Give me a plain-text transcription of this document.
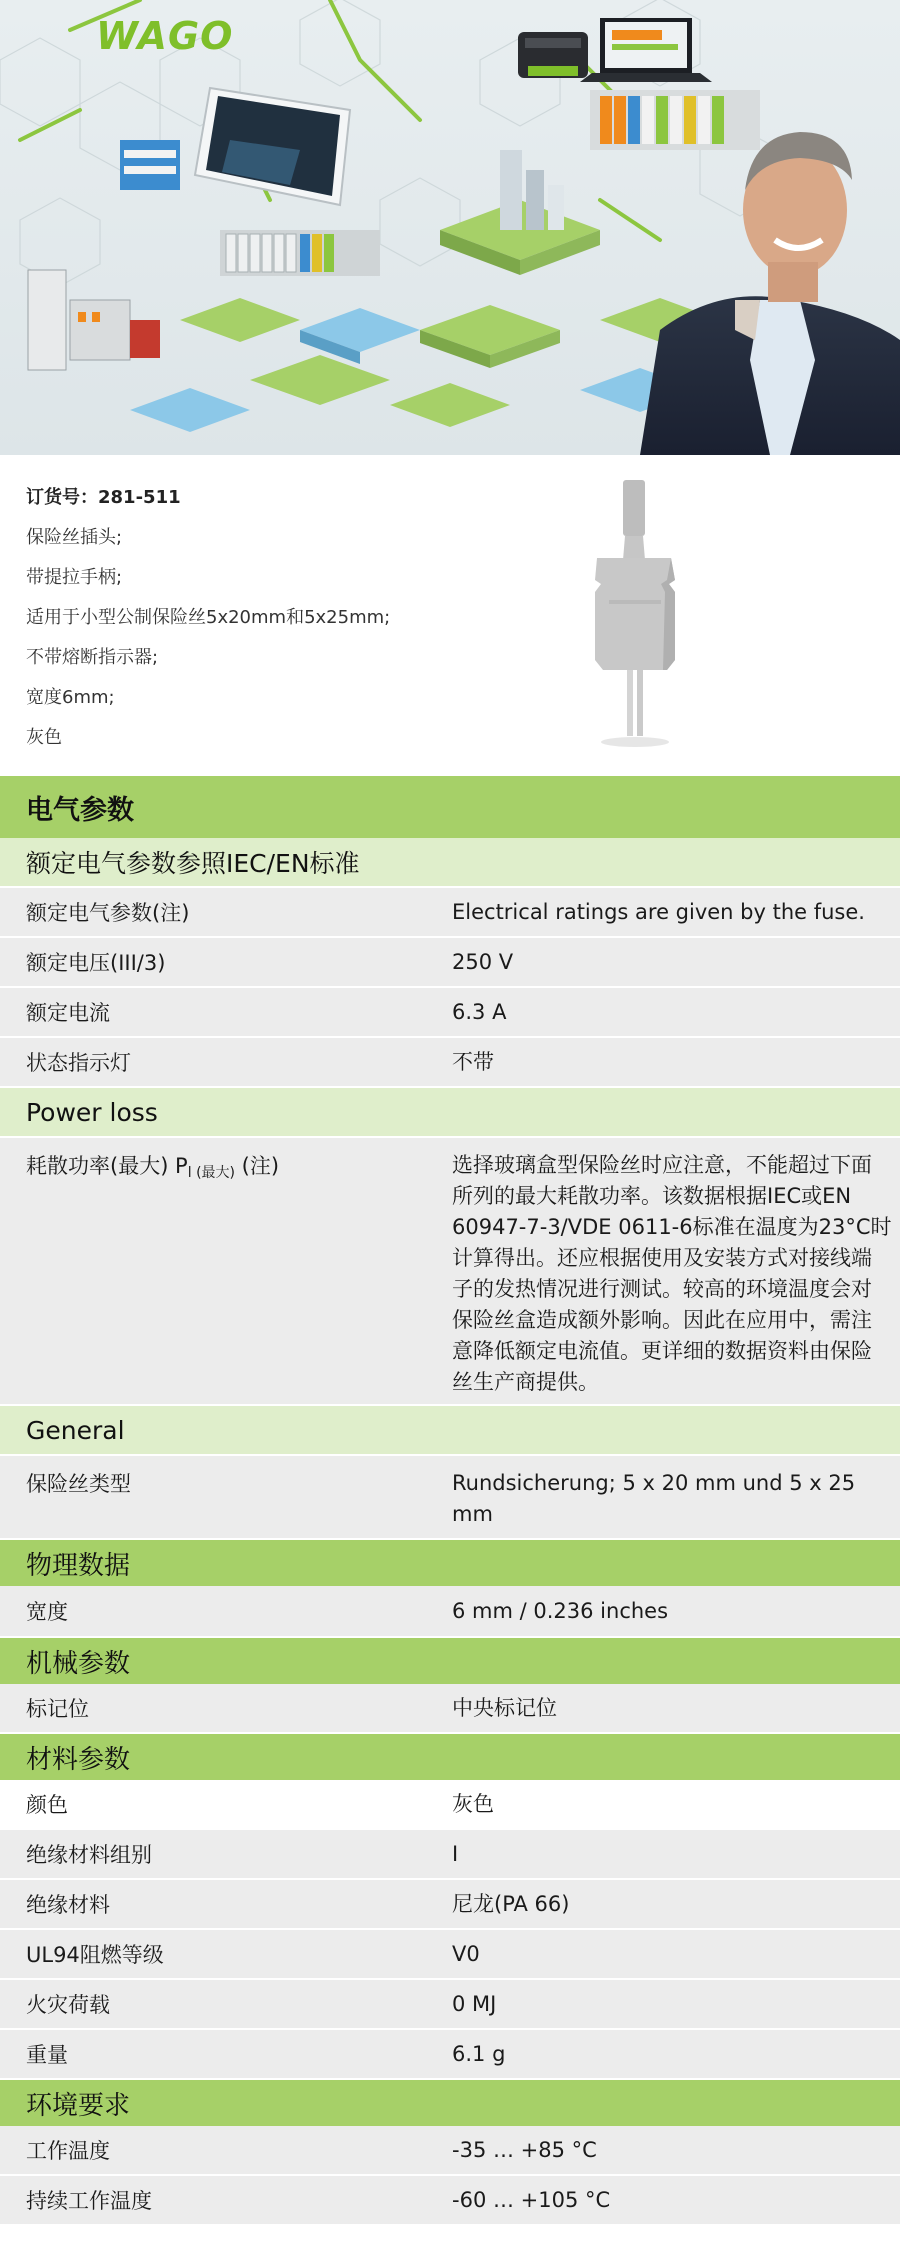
WAGO
订货号：281-511
保险丝插头;
带提拉手柄;
适用于小型公制保险丝5x20mm和5x25mm;
不带熔断指示器;
宽度6mm;
灰色
电气参数
额定电气参数参照IEC/EN标准
额定电气参数(注)	Electrical ratings are given by the fuse.
额定电压(III/3)	250 V
额定电流	6.3 A
状态指示灯	不带
Power loss
耗散功率(最大) $P_{l (最大)}$ (注)	选择玻璃盒型保险丝时应注意，不能超过下面所列的最大耗散功率。该数据根据IEC或EN 60947-7-3/VDE 0611-6标准在温度为23°C时计算得出。还应根据使用及安装方式对接线端子的发热情况进行测试。较高的环境温度会对保险丝盒造成额外影响。因此在应用中，需注意降低额定电流值。更详细的数据资料由保险丝生产商提供。
General
保险丝类型	Rundsicherung; 5 x 20 mm und 5 x 25 mm
物理数据
宽度	6 mm / 0.236 inches
机械参数
标记位	中央标记位
材料参数
颜色	灰色
绝缘材料组别	I
绝缘材料	尼龙(PA 66)
UL94阻燃等级	V0
火灾荷载	0 MJ
重量	6.1 g
环境要求
工作温度	-35 … +85 °C
持续工作温度	-60 … +105 °C
